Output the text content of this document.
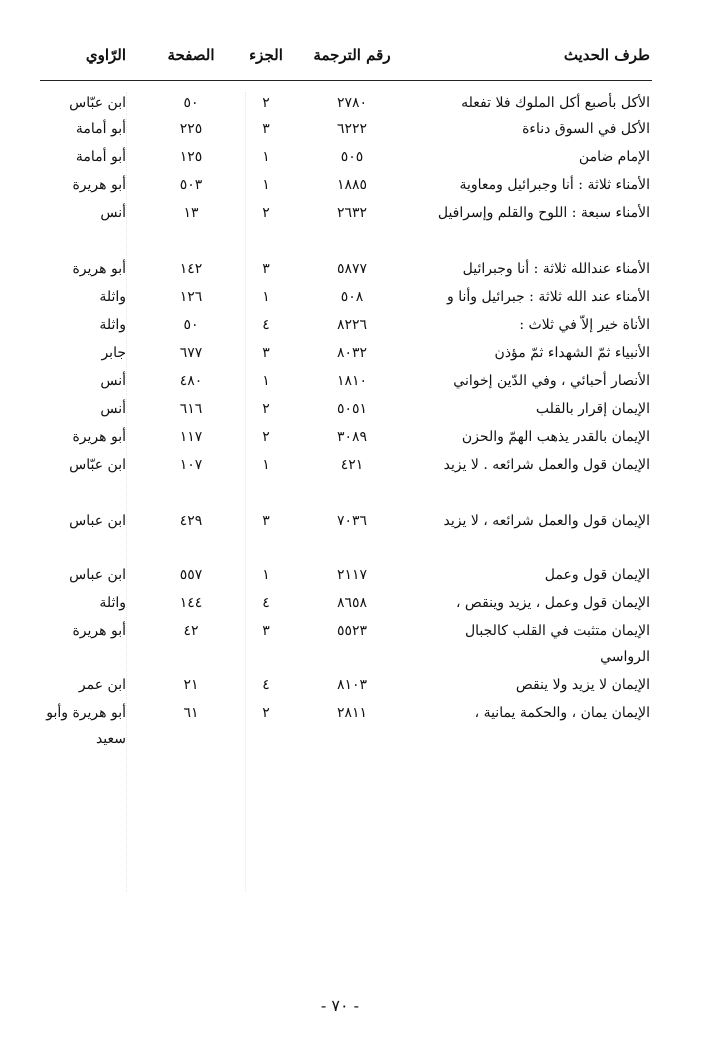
طرف الحديث
رقم الترجمة
الجزء
الصفحة
الرّاوي
الأكل بأصبع أكل الملوك فلا تفعله
٢٧٨٠
٢
٥٠
ابن عبّاس
الأكل في السوق دناءة
٦٢٢٢
٣
٢٢٥
أبو أمامة
الإمام ضامن
٥٠٥
١
١٢٥
أبو أمامة
الأمناء ثلاثة : أنا وجبرائيل ومعاوية
١٨٨٥
١
٥٠٣
أبو هريرة
الأمناء سبعة : اللوح والقلم وإسرافيل
٢٦٣٢
٢
١٣
أنس
الأمناء عندالله ثلاثة : أنا وجبرائيل
٥٨٧٧
٣
١٤٢
أبو هريرة
الأمناء عند الله ثلاثة : جبرائيل وأنا و
٥٠٨
١
١٢٦
واثلة
الأناة خير إلاّ في ثلاث :
٨٢٢٦
٤
٥٠
واثلة
الأنبياء ثمّ الشهداء ثمّ مؤذن
٨٠٣٢
٣
٦٧٧
جابر
الأنصار أحبائي ، وفي الدّين إخواني
١٨١٠
١
٤٨٠
أنس
الإيمان إقرار بالقلب
٥٠٥١
٢
٦١٦
أنس
الإيمان بالقدر يذهب الهمّ والحزن
٣٠٨٩
٢
١١٧
أبو هريرة
الإيمان قول والعمل شرائعه . لا يزيد
٤٢١
١
١٠٧
ابن عبّاس
الإيمان قول والعمل شرائعه ، لا يزيد
٧٠٣٦
٣
٤٢٩
ابن عباس
الإيمان قول وعمل
٢١١٧
١
٥٥٧
ابن عباس
الإيمان قول وعمل ، يزيد وينقص ،
٨٦٥٨
٤
١٤٤
واثلة
الإيمان متثبت في القلب كالجبال الرواسي
٥٥٢٣
٣
٤٢
أبو هريرة
الإيمان لا يزيد ولا ينقص
٨١٠٣
٤
٢١
ابن عمر
الإيمان يمان ، والحكمة يمانية ،
٢٨١١
٢
٦١
أبو هريرة وأبو سعيد
- ٧٠ -
